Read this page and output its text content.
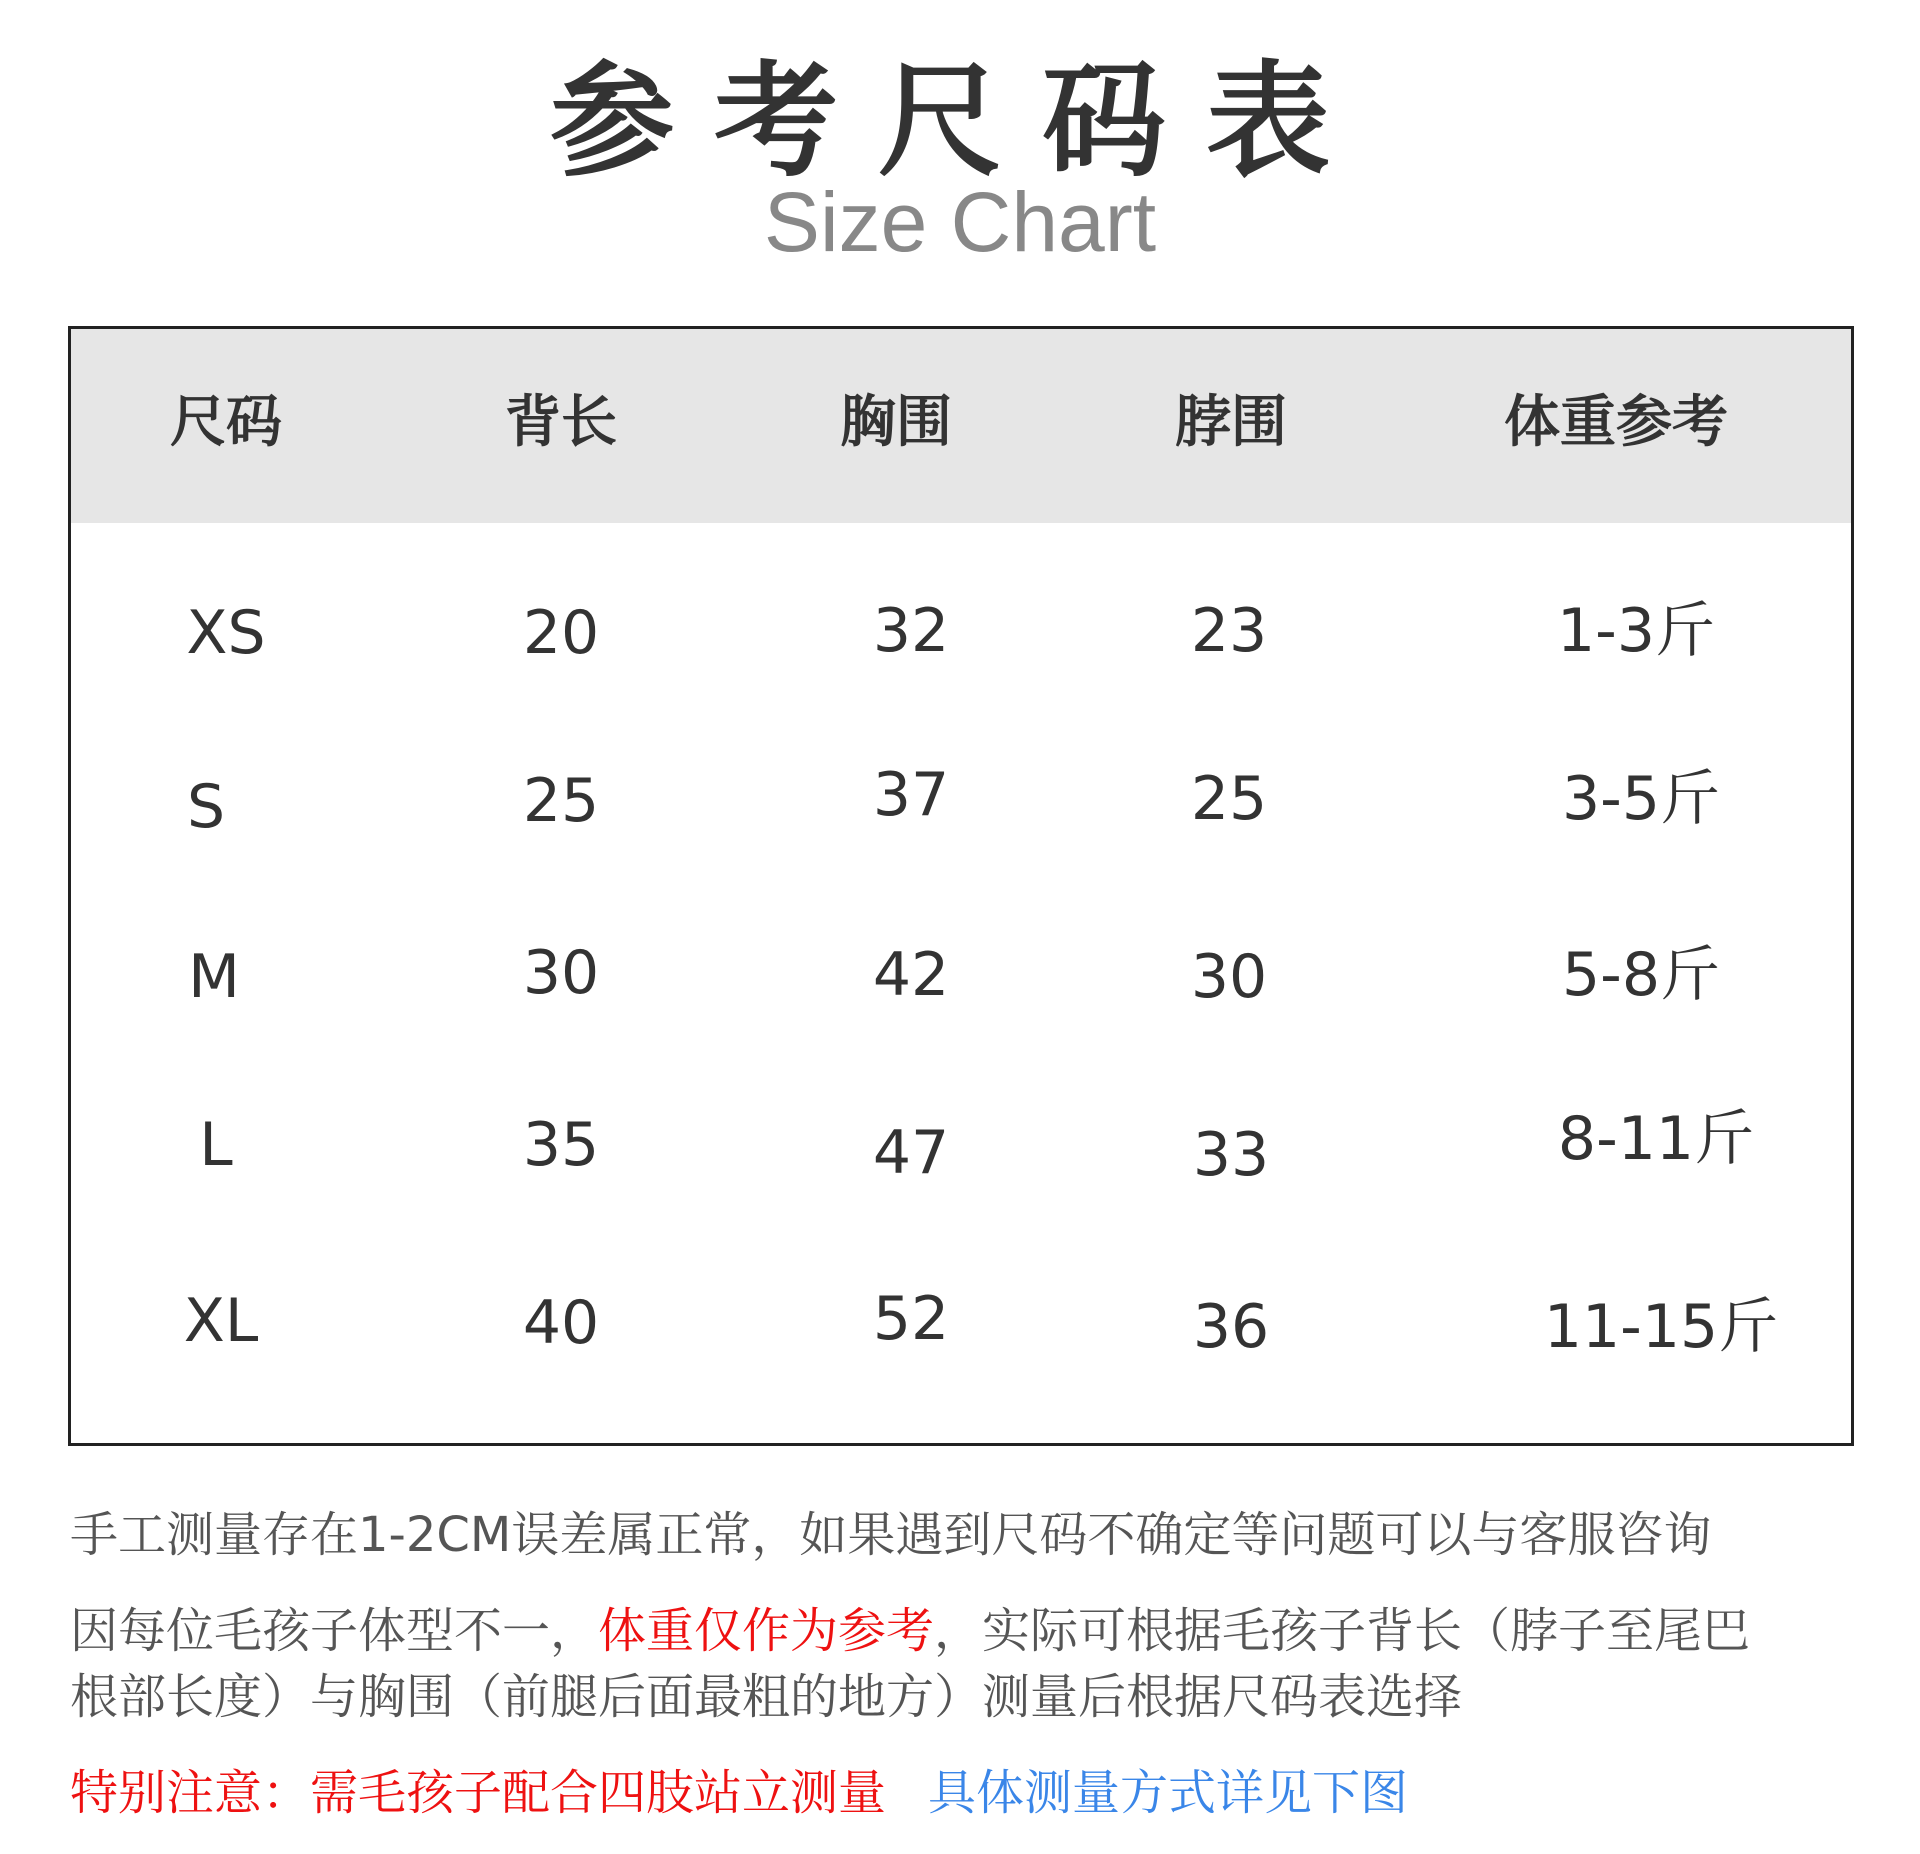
参考尺码表
Size Chart
尺码	背长	胸围	脖围	体重参考
XS	20	32	23	1-3斤
S	25	37	25	3-5斤
M	30	42	30	5-8斤
L	35	47	33	8-11斤
XL	40	52	36	11-15斤
手工测量存在1-2CM误差属正常，如果遇到尺码不确定等问题可以与客服咨询
因每位毛孩子体型不一，体重仅作为参考，实际可根据毛孩子背长（脖子至尾巴
根部长度）与胸围（前腿后面最粗的地方）测量后根据尺码表选择
特别注意：需毛孩子配合四肢站立测量 具体测量方式详见下图
